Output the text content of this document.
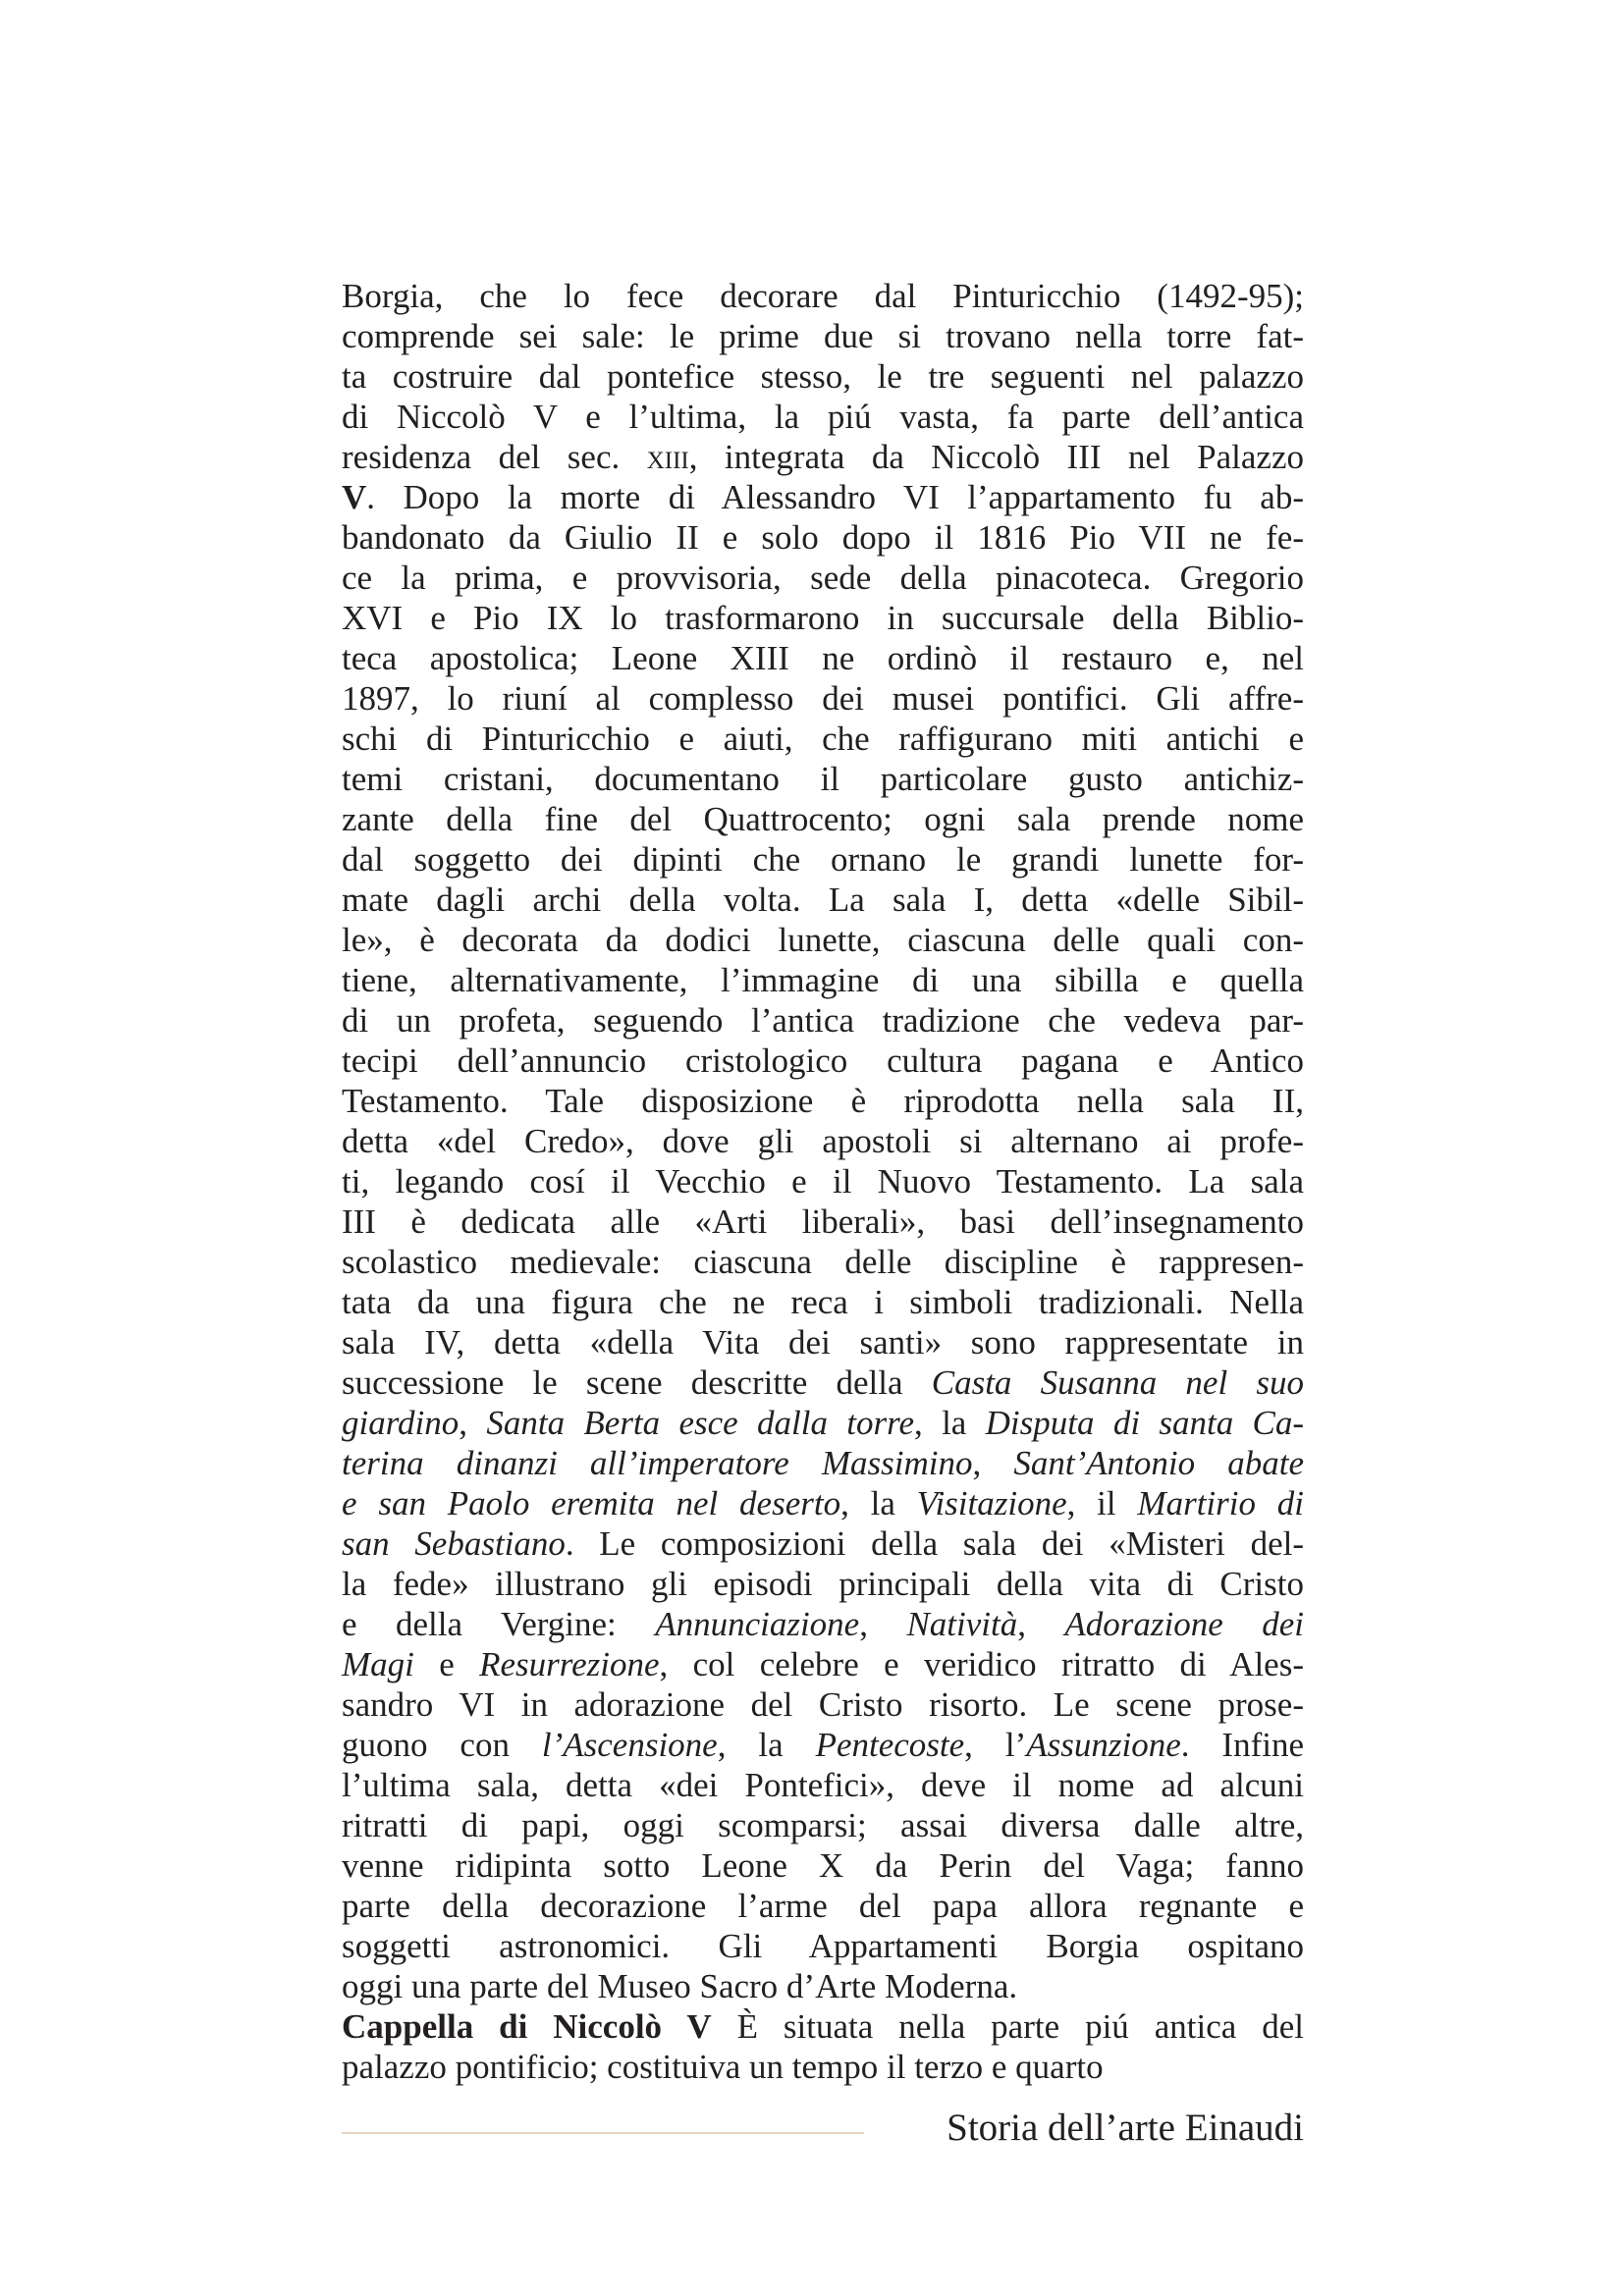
Borgia, che lo fece decorare dal Pinturicchio (1492-95);
comprende sei sale: le prime due si trovano nella torre fat-
ta costruire dal pontefice stesso, le tre seguenti nel palazzo
di Niccolò V e l’ultima, la piú vasta, fa parte dell’antica
residenza del sec. xiii, integrata da Niccolò III nel Palazzo
V. Dopo la morte di Alessandro VI l’appartamento fu ab-
bandonato da Giulio II e solo dopo il 1816 Pio VII ne fe-
ce la prima, e provvisoria, sede della pinacoteca. Gregorio
XVI e Pio IX lo trasformarono in succursale della Biblio-
teca apostolica; Leone XIII ne ordinò il restauro e, nel
1897, lo riuní al complesso dei musei pontifici. Gli affre-
schi di Pinturicchio e aiuti, che raffigurano miti antichi e
temi cristani, documentano il particolare gusto antichiz-
zante della fine del Quattrocento; ogni sala prende nome
dal soggetto dei dipinti che ornano le grandi lunette for-
mate dagli archi della volta. La sala I, detta «delle Sibil-
le», è decorata da dodici lunette, ciascuna delle quali con-
tiene, alternativamente, l’immagine di una sibilla e quella
di un profeta, seguendo l’antica tradizione che vedeva par-
tecipi dell’annuncio cristologico cultura pagana e Antico
Testamento. Tale disposizione è riprodotta nella sala II,
detta «del Credo», dove gli apostoli si alternano ai profe-
ti, legando cosí il Vecchio e il Nuovo Testamento. La sala
III è dedicata alle «Arti liberali», basi dell’insegnamento
scolastico medievale: ciascuna delle discipline è rappresen-
tata da una figura che ne reca i simboli tradizionali. Nella
sala IV, detta «della Vita dei santi» sono rappresentate in
successione le scene descritte della Casta Susanna nel suo
giardino, Santa Berta esce dalla torre, la Disputa di santa Ca-
terina dinanzi all’imperatore Massimino, Sant’Antonio abate
e san Paolo eremita nel deserto, la Visitazione, il Martirio di
san Sebastiano. Le composizioni della sala dei «Misteri del-
la fede» illustrano gli episodi principali della vita di Cristo
e della Vergine: Annunciazione, Natività, Adorazione dei
Magi e Resurrezione, col celebre e veridico ritratto di Ales-
sandro VI in adorazione del Cristo risorto. Le scene prose-
guono con l’Ascensione, la Pentecoste, l’Assunzione. Infine
l’ultima sala, detta «dei Pontefici», deve il nome ad alcuni
ritratti di papi, oggi scomparsi; assai diversa dalle altre,
venne ridipinta sotto Leone X da Perin del Vaga; fanno
parte della decorazione l’arme del papa allora regnante e
soggetti astronomici. Gli Appartamenti Borgia ospitano
oggi una parte del Museo Sacro d’Arte Moderna.
Cappella di Niccolò V È situata nella parte piú antica del
palazzo pontificio; costituiva un tempo il terzo e quarto
Storia dell’arte Einaudi
